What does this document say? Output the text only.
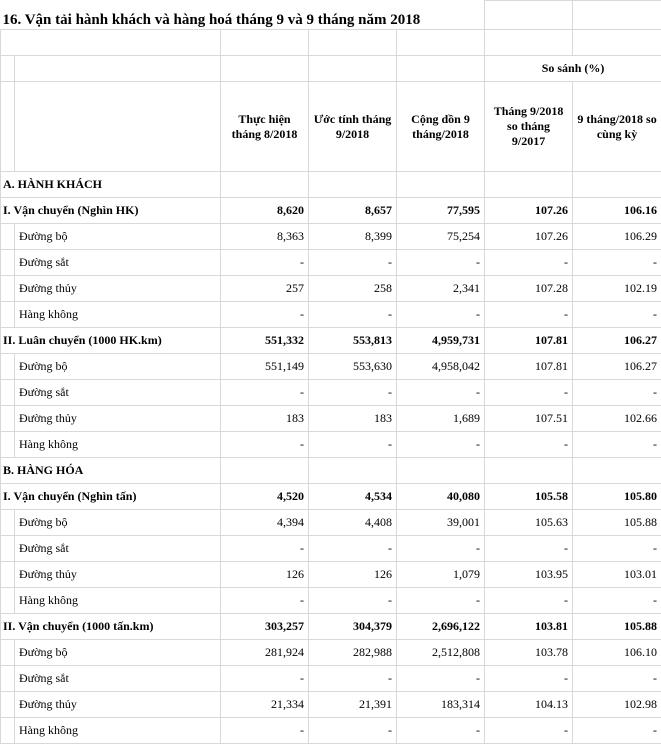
16. Vận tải hành khách và hàng hoá tháng 9 và 9 tháng năm 2018						

					So sánh (%)	
		Thực hiện tháng 8/2018	Ước tính tháng 9/2018	Cộng dồn 9 tháng/2018	Tháng 9/2018 so tháng 9/2017	9 tháng/2018 so cùng kỳ
A. HÀNH KHÁCH						
I. Vận chuyển (Nghìn HK)		8,620	8,657	77,595	107.26	106.16
	Đường bộ	8,363	8,399	75,254	107.26	106.29
	Đường sắt	-	-	-	-	-
	Đường thủy	257	258	2,341	107.28	102.19
	Hàng không	-	-	-	-	-
II. Luân chuyển (1000 HK.km)		551,332	553,813	4,959,731	107.81	106.27
	Đường bộ	551,149	553,630	4,958,042	107.81	106.27
	Đường sắt	-	-	-	-	-
	Đường thủy	183	183	1,689	107.51	102.66
	Hàng không	-	-	-	-	-
B. HÀNG HÓA						
I. Vận chuyển (Nghìn tấn)		4,520	4,534	40,080	105.58	105.80
	Đường bộ	4,394	4,408	39,001	105.63	105.88
	Đường sắt	-	-	-	-	-
	Đường thủy	126	126	1,079	103.95	103.01
	Hàng không	-	-	-	-	-
II. Vận chuyển (1000 tấn.km)		303,257	304,379	2,696,122	103.81	105.88
	Đường bộ	281,924	282,988	2,512,808	103.78	106.10
	Đường sắt	-	-	-	-	-
	Đường thủy	21,334	21,391	183,314	104.13	102.98
	Hàng không	-	-	-	-	-
